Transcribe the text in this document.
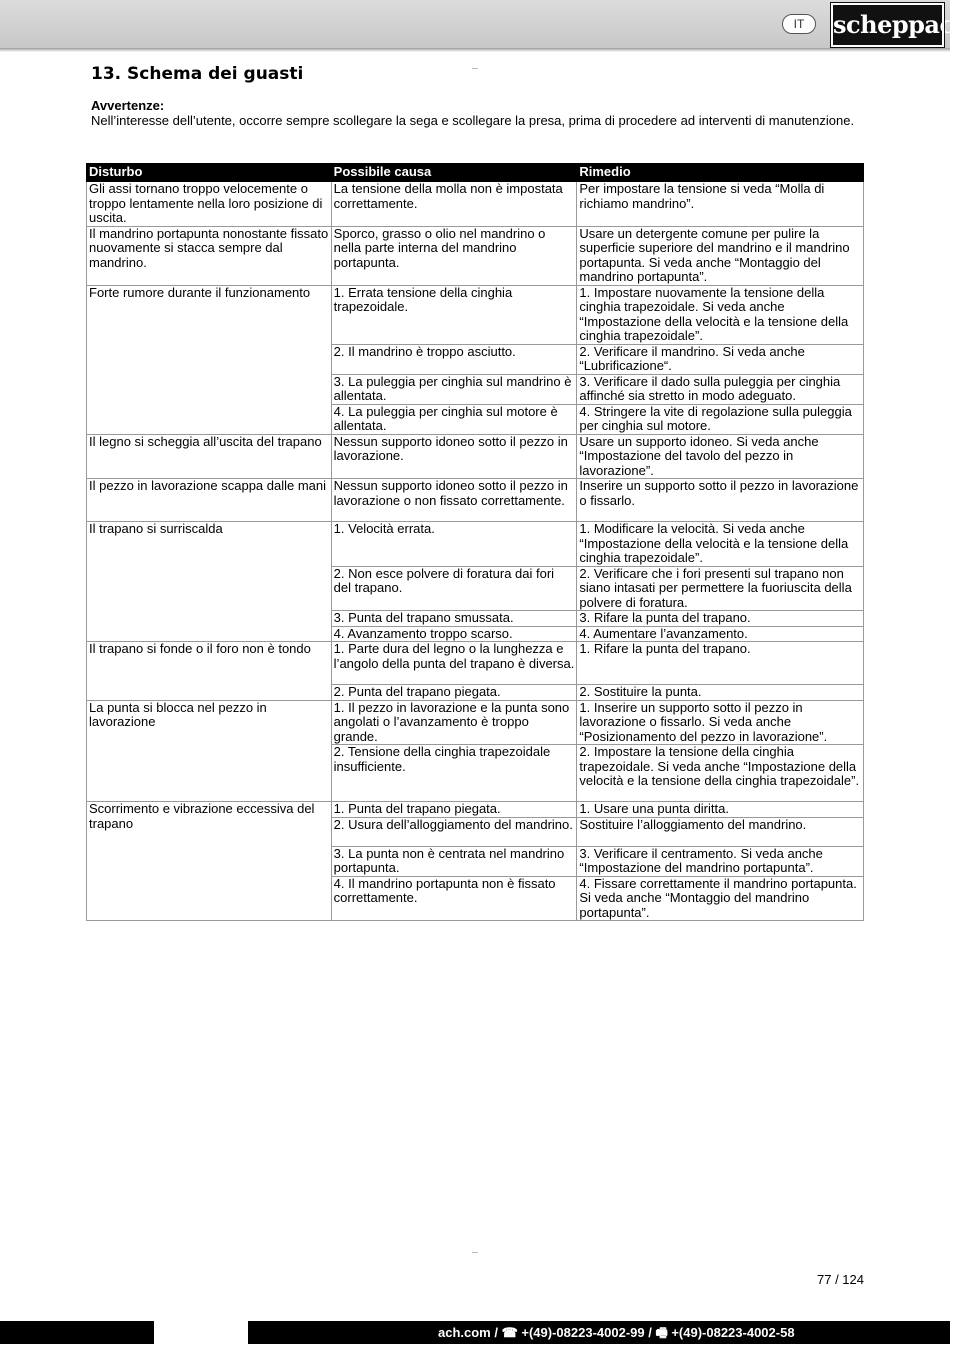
IT	scheppach
13. Schema dei guasti
Avvertenze:
Nell’interesse dell’utente, occorre sempre scollegare la sega e scollegare la presa, prima di procedere ad interventi di manutenzione.
Disturbo	Possibile causa	Rimedio
Gli assi tornano troppo velocemente o troppo lentamente nella loro posizione di uscita.	La tensione della molla non è impostata correttamente.	Per impostare la tensione si veda “Molla di richiamo mandrino”.
Il mandrino portapunta nonostante fissato nuovamente si stacca sempre dal mandrino.	Sporco, grasso o olio nel mandrino o nella parte interna del mandrino portapunta.	Usare un detergente comune per pulire la superficie superiore del mandrino e il mandrino portapunta. Si veda anche “Montaggio del mandrino portapunta”.
Forte rumore durante il funzionamento	1. Errata tensione della cinghia trapezoidale.	1. Impostare nuovamente la tensione della cinghia trapezoidale. Si veda anche “Impostazione della velocità e la tensione della cinghia trapezoidale”.
	2. Il mandrino è troppo asciutto.	2. Verificare il mandrino. Si veda anche “Lubrificazione“.
	3. La puleggia per cinghia sul mandrino è allentata.	3. Verificare il dado sulla puleggia per cinghia affinché sia stretto in modo adeguato.
	4. La puleggia per cinghia sul motore è allentata.	4. Stringere la vite di regolazione sulla puleggia per cinghia sul motore.
Il legno si scheggia all’uscita del trapano	Nessun supporto idoneo sotto il pezzo in lavorazione.	Usare un supporto idoneo. Si veda anche “Impostazione del tavolo del pezzo in lavorazione”.
Il pezzo in lavorazione scappa dalle mani	Nessun supporto idoneo sotto il pezzo in lavorazione o non fissato correttamente.	Inserire un supporto sotto il pezzo in lavorazione o fissarlo.
Il trapano si surriscalda	1. Velocità errata.	1. Modificare la velocità. Si veda anche “Impostazione della velocità e la tensione della cinghia trapezoidale”.
	2. Non esce polvere di foratura dai fori del trapano.	2. Verificare che i fori presenti sul trapano non siano intasati per permettere la fuoriuscita della polvere di foratura.
	3. Punta del trapano smussata.	3. Rifare la punta del trapano.
	4. Avanzamento troppo scarso.	4. Aumentare l’avanzamento.
Il trapano si fonde o il foro non è tondo	1. Parte dura del legno o la lunghezza e l’angolo della punta del trapano è diversa.	1. Rifare la punta del trapano.
	2. Punta del trapano piegata.	2. Sostituire la punta.
La punta si blocca nel pezzo in lavorazione	1. Il pezzo in lavorazione e la punta sono angolati o l’avanzamento è troppo grande.	1. Inserire un supporto sotto il pezzo in lavorazione o fissarlo. Si veda anche “Posizionamento del pezzo in lavorazione”.
	2. Tensione della cinghia trapezoidale insufficiente.	2. Impostare la tensione della cinghia trapezoidale. Si veda anche “Impostazione della velocità e la tensione della cinghia trapezoidale”.
Scorrimento e vibrazione eccessiva del trapano	1. Punta del trapano piegata.	1. Usare una punta diritta.
	2. Usura dell’alloggiamento del mandrino.	Sostituire l’alloggiamento del mandrino.
	3. La punta non è centrata nel mandrino portapunta.	3. Verificare il centramento. Si veda anche “Impostazione del mandrino portapunta”.
	4. Il mandrino portapunta non è fissato correttamente.	4. Fissare correttamente il mandrino portapunta. Si veda anche “Montaggio del mandrino portapunta”.
77 / 124
ach.com / ☎ +(49)-08223-4002-99 / 🖷 +(49)-08223-4002-58
